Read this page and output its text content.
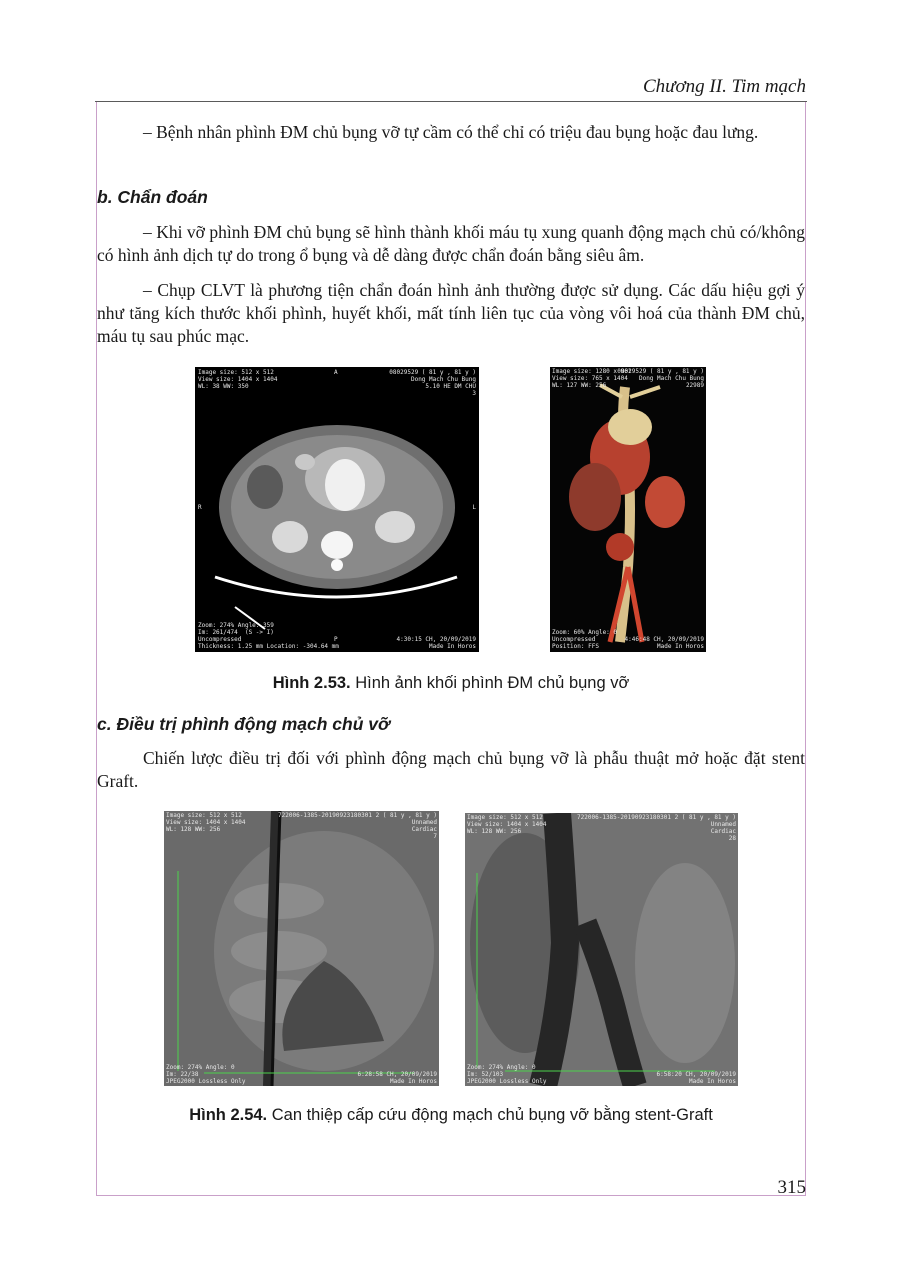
Chương II. Tim mạch

– Bệnh nhân phình ĐM chủ bụng vỡ tự cầm có thể chỉ có triệu đau bụng hoặc đau lưng.

b. Chẩn đoán

– Khi vỡ phình ĐM chủ bụng sẽ hình thành khối máu tụ xung quanh động mạch chủ có/không có hình ảnh dịch tự do trong ổ bụng và dễ dàng được chẩn đoán bằng siêu âm.

– Chụp CLVT là phương tiện chẩn đoán hình ảnh thường được sử dụng. Các dấu hiệu gợi ý như tăng kích thước khối phình, huyết khối, mất tính liên tục của vòng vôi hoá của thành ĐM chủ, máu tụ sau phúc mạc.

Image size: 512 x 512
View size: 1404 x 1404
WL: 38 WW: 350
A	08029529 ( 81 y , 81 y )
Dong Mach Chu Bung
5.10 HE DM CHU
3
R	L
Zoom: 274% Angle: 359
Im: 261/474  (S -> I)
Uncompressed
Thickness: 1.25 mm Location: -304.64 mm
P	4:30:15 CH, 20/09/2019
Made In Horos
Image size: 1280 x 961
View size: 765 x 1404
WL: 127 WW: 256
08029529 ( 81 y , 81 y )
Dong Mach Chu Bung
22989
Zoom: 60% Angle: 0
Uncompressed
Position: FFS
4:46:48 CH, 20/09/2019
Made In Horos

Hình 2.53. Hình ảnh khối phình ĐM chủ bụng vỡ

c. Điều trị phình động mạch chủ vỡ

Chiến lược điều trị đối với phình động mạch chủ bụng vỡ là phẫu thuật mở hoặc đặt stent Graft.

Image size: 512 x 512
View size: 1404 x 1404
WL: 128 WW: 256
722006-1385-20190923180301 2 ( 81 y , 81 y )
Unnamed
Cardiac
7
Zoom: 274% Angle: 0
Im: 22/38
JPEG2000 Lossless Only
6:28:58 CH, 20/09/2019
Made In Horos
Image size: 512 x 512
View size: 1404 x 1404
WL: 128 WW: 256
722006-1385-20190923180301 2 ( 81 y , 81 y )
Unnamed
Cardiac
28
Zoom: 274% Angle: 0
Im: 52/103
JPEG2000 Lossless Only
6:58:20 CH, 20/09/2019
Made In Horos

Hình 2.54. Can thiệp cấp cứu động mạch chủ bụng vỡ bằng stent-Graft

315
